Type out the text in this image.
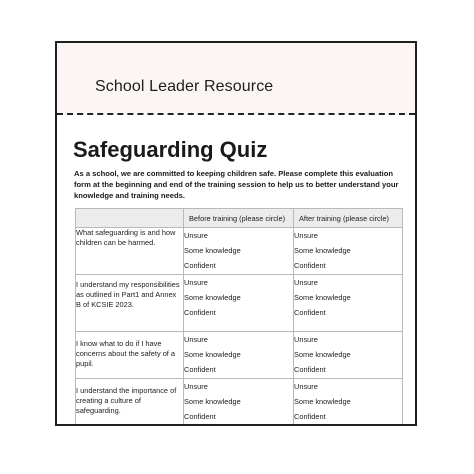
School Leader Resource
Safeguarding Quiz
As a school, we are committed to keeping children safe. Please complete this evaluation form at the beginning and end of the training session to help us to better understand your knowledge and training needs.
	Before training (please circle)	After training (please circle)
What safeguarding is and how children can be harmed.	Unsure
Some knowledge
Confident	Unsure
Some knowledge
Confident

I understand my responsibilities as outlined in Part1 and Annex B of KCSIE 2023.	Unsure
Some knowledge
Confident	Unsure
Some knowledge
Confident

I know what to do if I have concerns about the safety of a pupil.	Unsure
Some knowledge
Confident	Unsure
Some knowledge
Confident

I understand the importance of creating a culture of safeguarding.	Unsure
Some knowledge
Confident	Unsure
Some knowledge
Confident
